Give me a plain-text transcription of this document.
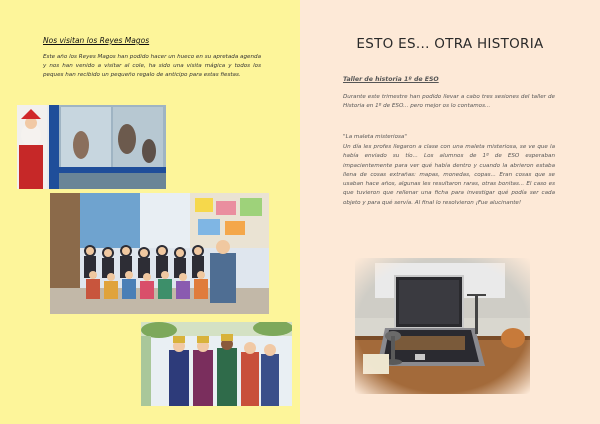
Nos visitan los Reyes Magos
Este año los Reyes Magos han podido hacer un hueco en su apretada agenda y nos han venido a visitar al cole, ha sido una visita mágica y todos los peques han recibido un pequeño regalo de anticipo para estas fiestas.
ESTO ES... OTRA HISTORIA
Taller de historia 1º de ESO
Durante este trimestre han podido llevar a cabo tres sesiones del taller de Historia en 1º de ESO... pero mejor os lo contamos...
"La maleta misteriosa"
Un día les profes llegaron a clase con una maleta misteriosa, se ve que la había enviado su tío... Los alumnos de 1º de ESO esperaban impacientemente para ver qué había dentro y cuando la abrieron estaba llena de cosas extrañas: mapas, monedas, copas... Eran cosas que se usaban hace años, algunas les resultaron raras, otras bonitas... El caso es que tuvieron que rellenar una ficha para investigar qué podía ser cada objeto y para qué servía. Al final lo resolvieron ¡Fue alucinante!
